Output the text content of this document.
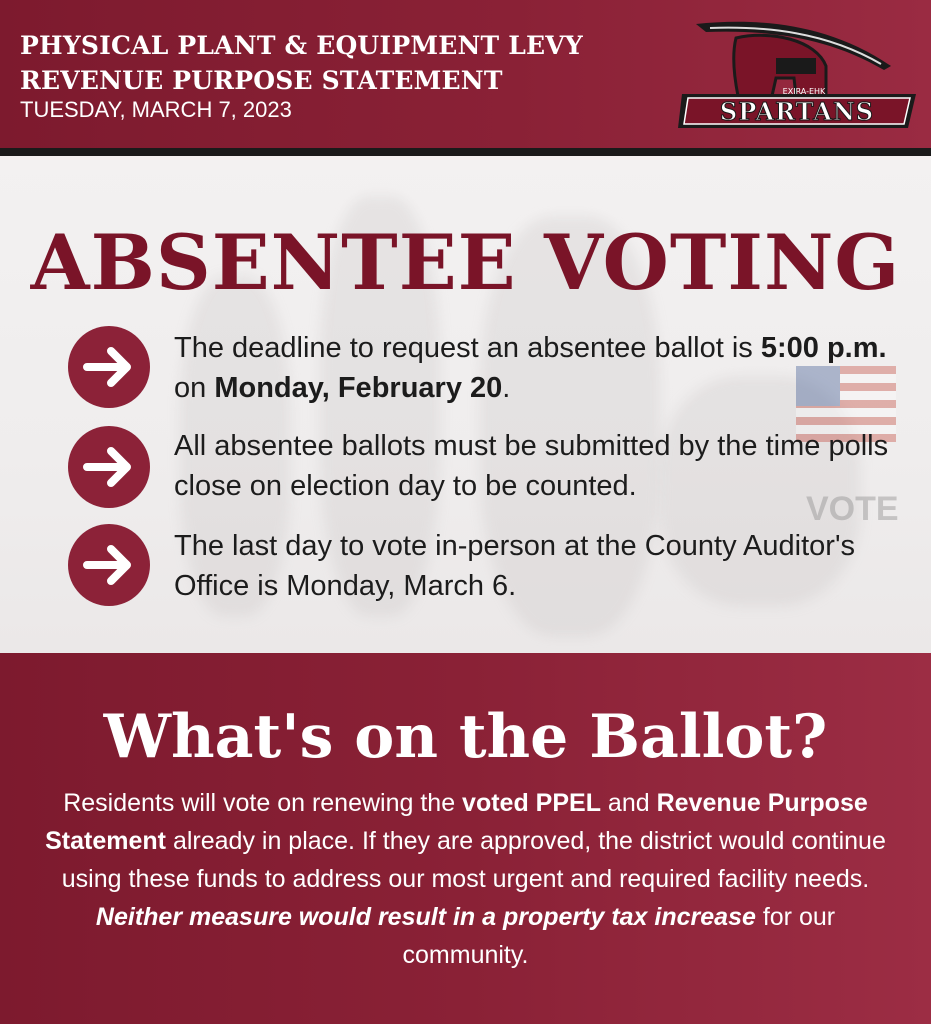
PHYSICAL PLANT & EQUIPMENT LEVY
REVENUE PURPOSE STATEMENT
TUESDAY, MARCH 7, 2023
EXIRA-EHK
SPARTANS
VOTE
ABSENTEE VOTING
The deadline to request an absentee ballot is 5:00 p.m. on Monday, February 20.
All absentee ballots must be submitted by the time polls close on election day to be counted.
The last day to vote in-person at the County Auditor's Office is Monday, March 6.
What's on the Ballot?
Residents will vote on renewing the voted PPEL and Revenue Purpose Statement already in place. If they are approved, the district would continue using these funds to address our most urgent and required facility needs. Neither measure would result in a property tax increase for our community.
